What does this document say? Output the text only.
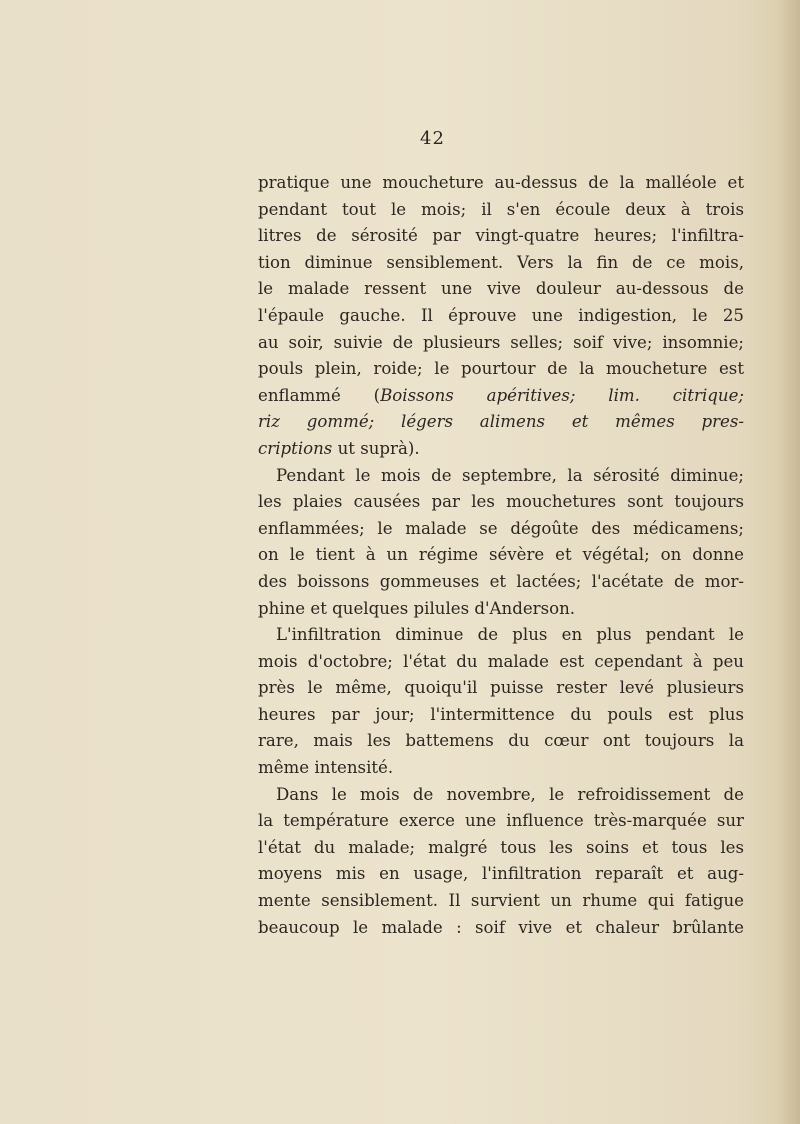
42
pratique une moucheture au-dessus de la malléole et
pendant tout le mois; il s'en écoule deux à trois
litres de sérosité par vingt-quatre heures; l'infiltra-
tion diminue sensiblement. Vers la fin de ce mois,
le malade ressent une vive douleur au-dessous de
l'épaule gauche. Il éprouve une indigestion, le 25
au soir, suivie de plusieurs selles; soif vive; insomnie;
pouls plein, roide; le pourtour de la moucheture est
enflammé (Boissons apéritives; lim. citrique;
riz gommé; légers alimens et mêmes pres-
criptions ut suprà).
Pendant le mois de septembre, la sérosité diminue;
les plaies causées par les mouchetures sont toujours
enflammées; le malade se dégoûte des médicamens;
on le tient à un régime sévère et végétal; on donne
des boissons gommeuses et lactées; l'acétate de mor-
phine et quelques pilules d'Anderson.
L'infiltration diminue de plus en plus pendant le
mois d'octobre; l'état du malade est cependant à peu
près le même, quoiqu'il puisse rester levé plusieurs
heures par jour; l'intermittence du pouls est plus
rare, mais les battemens du cœur ont toujours la
même intensité.
Dans le mois de novembre, le refroidissement de
la température exerce une influence très-marquée sur
l'état du malade; malgré tous les soins et tous les
moyens mis en usage, l'infiltration reparaît et aug-
mente sensiblement. Il survient un rhume qui fatigue
beaucoup le malade : soif vive et chaleur brûlante
